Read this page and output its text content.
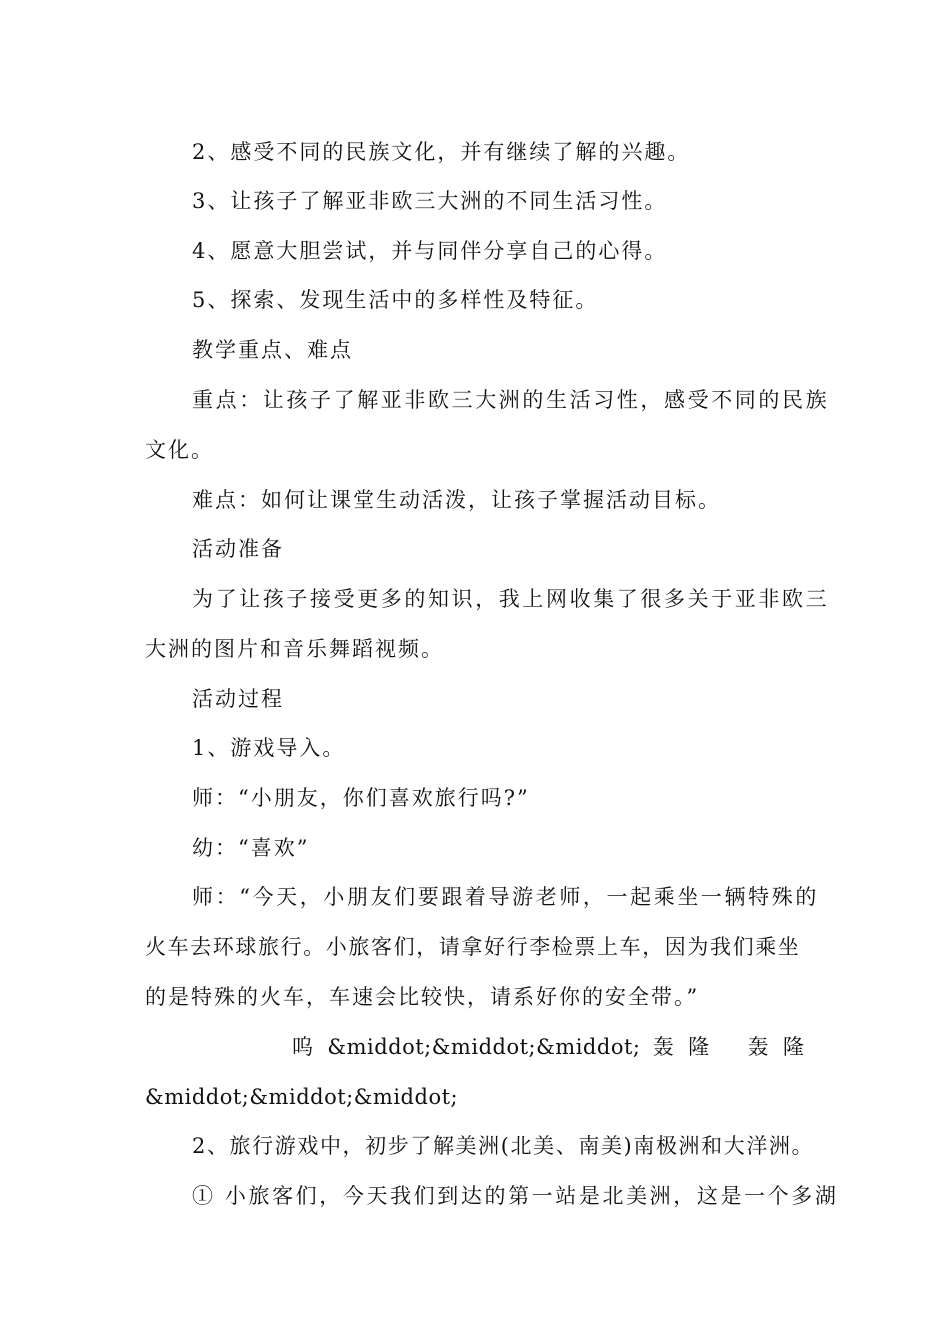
2、感受不同的民族文化，并有继续了解的兴趣。
3、让孩子了解亚非欧三大洲的不同生活习性。
4、愿意大胆尝试，并与同伴分享自己的心得。
5、探索、发现生活中的多样性及特征。
教学重点、难点
重点：让孩子了解亚非欧三大洲的生活习性，感受不同的民族
文化。
难点：如何让课堂生动活泼，让孩子掌握活动目标。
活动准备
为了让孩子接受更多的知识，我上网收集了很多关于亚非欧三
大洲的图片和音乐舞蹈视频。
活动过程
1、游戏导入。
师：“小朋友，你们喜欢旅行吗?”
幼：“喜欢”
师：“今天，小朋友们要跟着导游老师，一起乘坐一辆特殊的
火车去环球旅行。小旅客们，请拿好行李检票上车，因为我们乘坐
的是特殊的火车，车速会比较快，请系好你的安全带。”
呜 &middot;&middot;&middot; 轰 隆 轰 隆
&middot;&middot;&middot;
2、旅行游戏中，初步了解美洲(北美、南美)南极洲和大洋洲。
① 小旅客们，今天我们到达的第一站是北美洲，这是一个多湖
